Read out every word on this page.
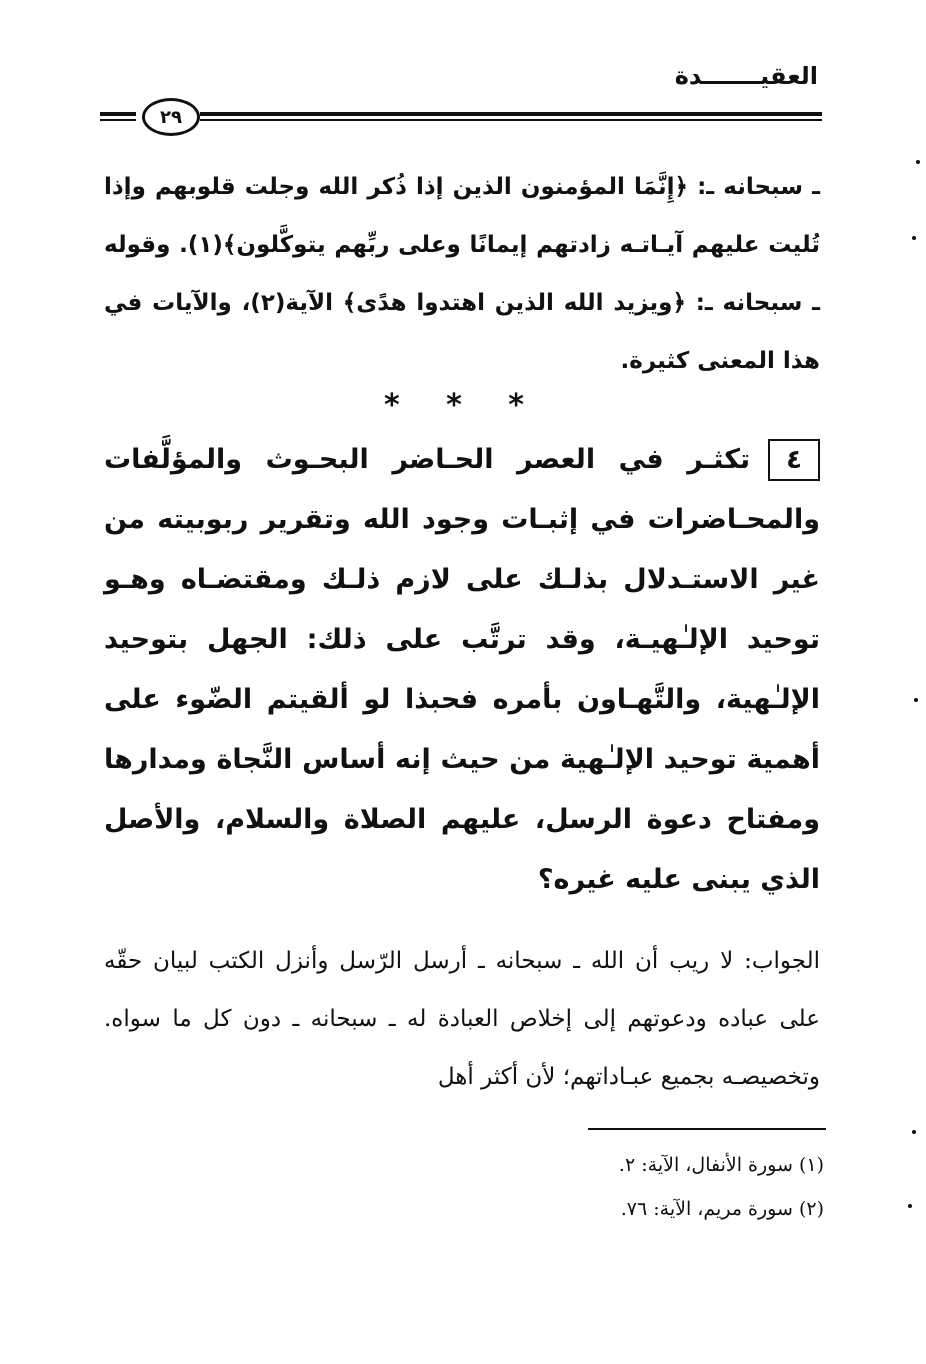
العقيـــــــدة
٢٩

ـ سبحانه ـ: ﴿إِنَّمَا المؤمنون الذين إذا ذُكر الله وجلت قلوبهم وإذا تُليت عليهم آيـاتـه زادتهم إيمانًا وعلى ربِّهم يتوكَّلون﴾(١). وقوله ـ سبحانه ـ: ﴿ويزيد الله الذين اهتدوا هدًى﴾ الآية(٢)، والآيات في هذا المعنى كثيرة.

* * *

٤تكثـر في العصر الحـاضر البحـوث والمؤلَّفات والمحـاضرات في إثبـات وجود الله وتقرير ربوبيته من غير الاستـدلال بذلـك على لازم ذلـك ومقتضـاه وهـو توحيد الإلـٰهيـة، وقد ترتَّب على ذلك: الجهل بتوحيد الإلـٰهية، والتَّهـاون بأمره فحبذا لو ألقيتم الضّوء على أهمية توحيد الإلـٰهية من حيث إنه أساس النَّجاة ومدارها ومفتاح دعوة الرسل، عليهم الصلاة والسلام، والأصل الذي يبنى عليه غيره؟

الجواب: لا ريب أن الله ـ سبحانه ـ أرسل الرّسل وأنزل الكتب لبيان حقّه على عباده ودعوتهم إلى إخلاص العبادة له ـ سبحانه ـ دون كل ما سواه. وتخصيصـه بجميع عبـاداتهم؛ لأن أكثر أهل

(١) سورة الأنفال، الآية: ٢.
(٢) سورة مريم، الآية: ٧٦.
